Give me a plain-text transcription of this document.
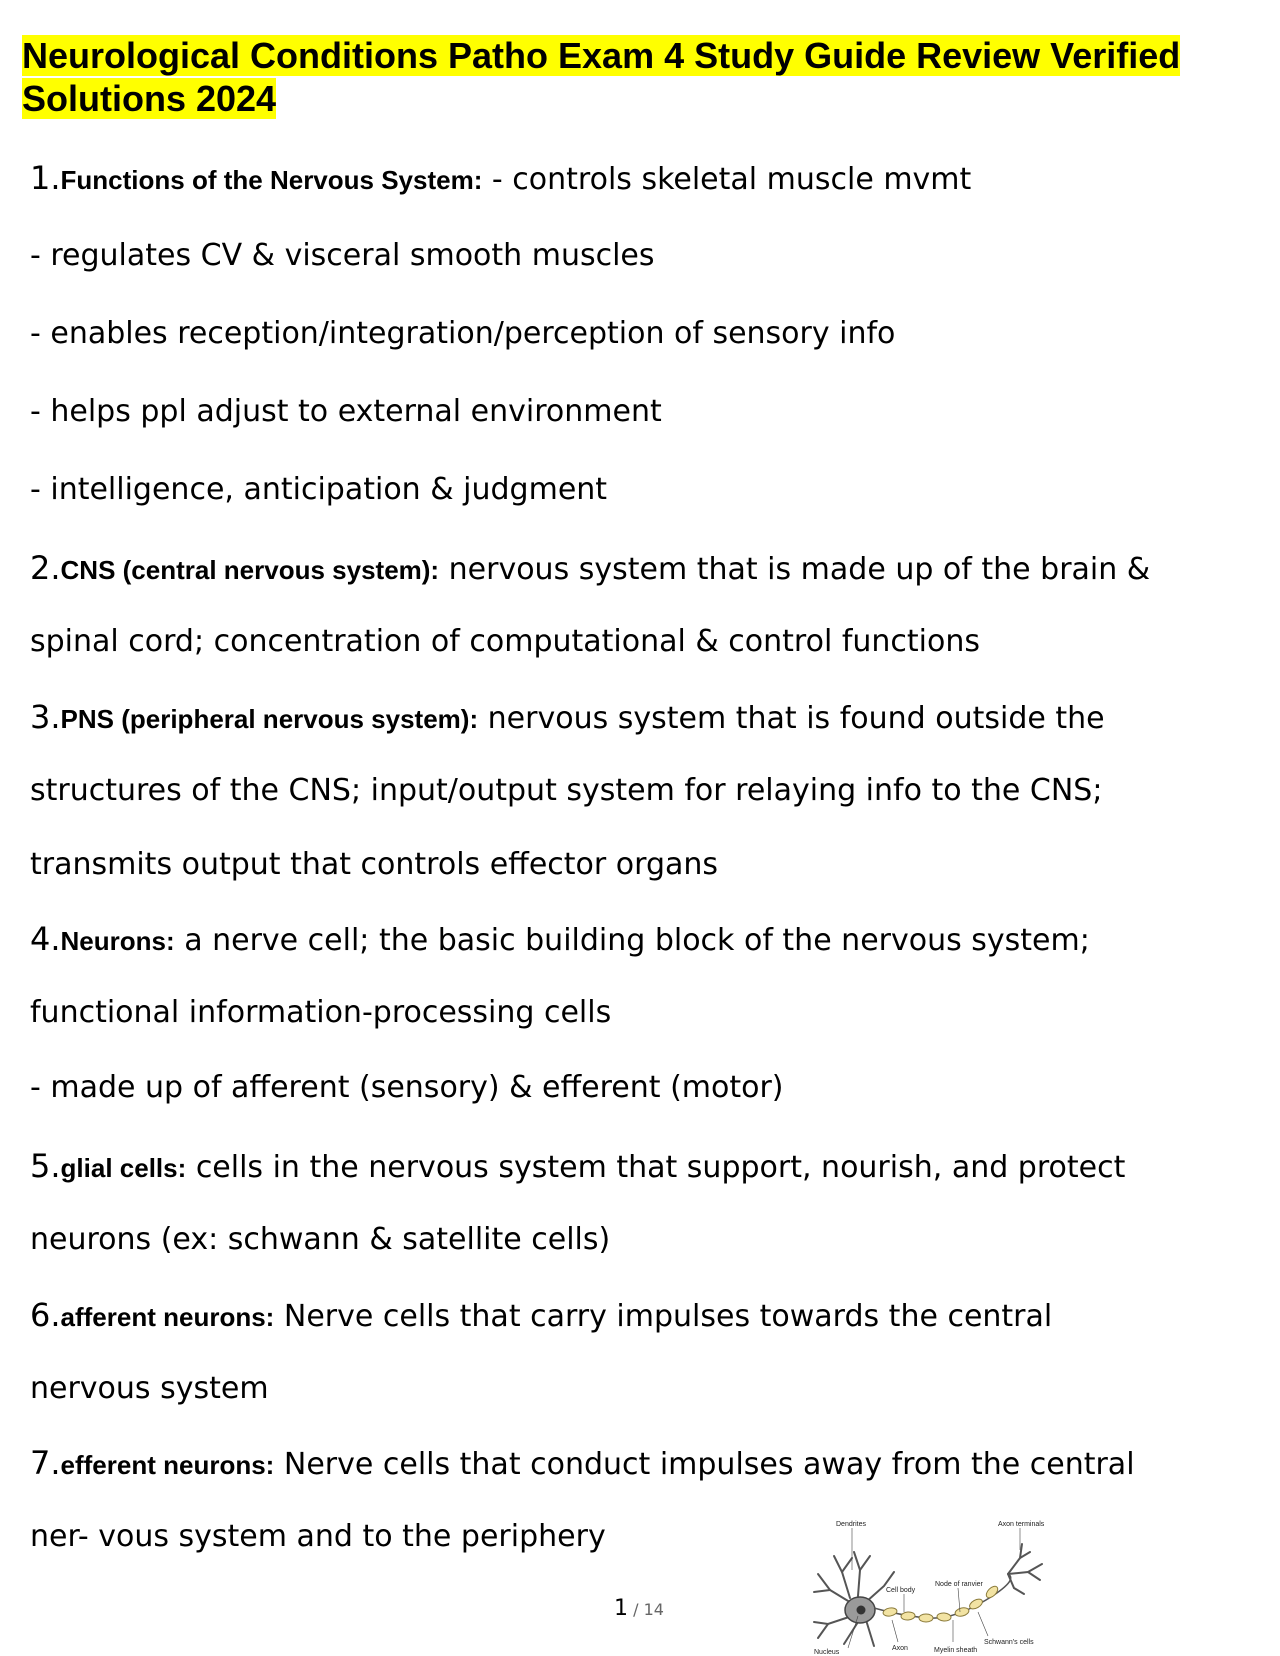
Neurological Conditions Patho Exam 4 Study Guide Review Verified Solutions 2024
1.Functions of the Nervous System: - controls skeletal muscle mvmt
- regulates CV & visceral smooth muscles
- enables reception/integration/perception of sensory info
- helps ppl adjust to external environment
- intelligence, anticipation & judgment
2.CNS (central nervous system): nervous system that is made up of the brain &
spinal cord; concentration of computational & control functions
3.PNS (peripheral nervous system): nervous system that is found outside the
structures of the CNS; input/output system for relaying info to the CNS;
transmits output that controls effector organs
4.Neurons: a nerve cell; the basic building block of the nervous system;
functional information-processing cells
- made up of afferent (sensory) & efferent (motor)
5.glial cells: cells in the nervous system that support, nourish, and protect
neurons (ex: schwann & satellite cells)
6.afferent neurons: Nerve cells that carry impulses towards the central
nervous system
7.efferent neurons: Nerve cells that conduct impulses away from the central
ner- vous system and to the periphery	Dendrites	Axon terminals
Cell body
Node of ranvier
Schwann's cells
Nucleus
Axon	Myelin sheath
1 / 14
